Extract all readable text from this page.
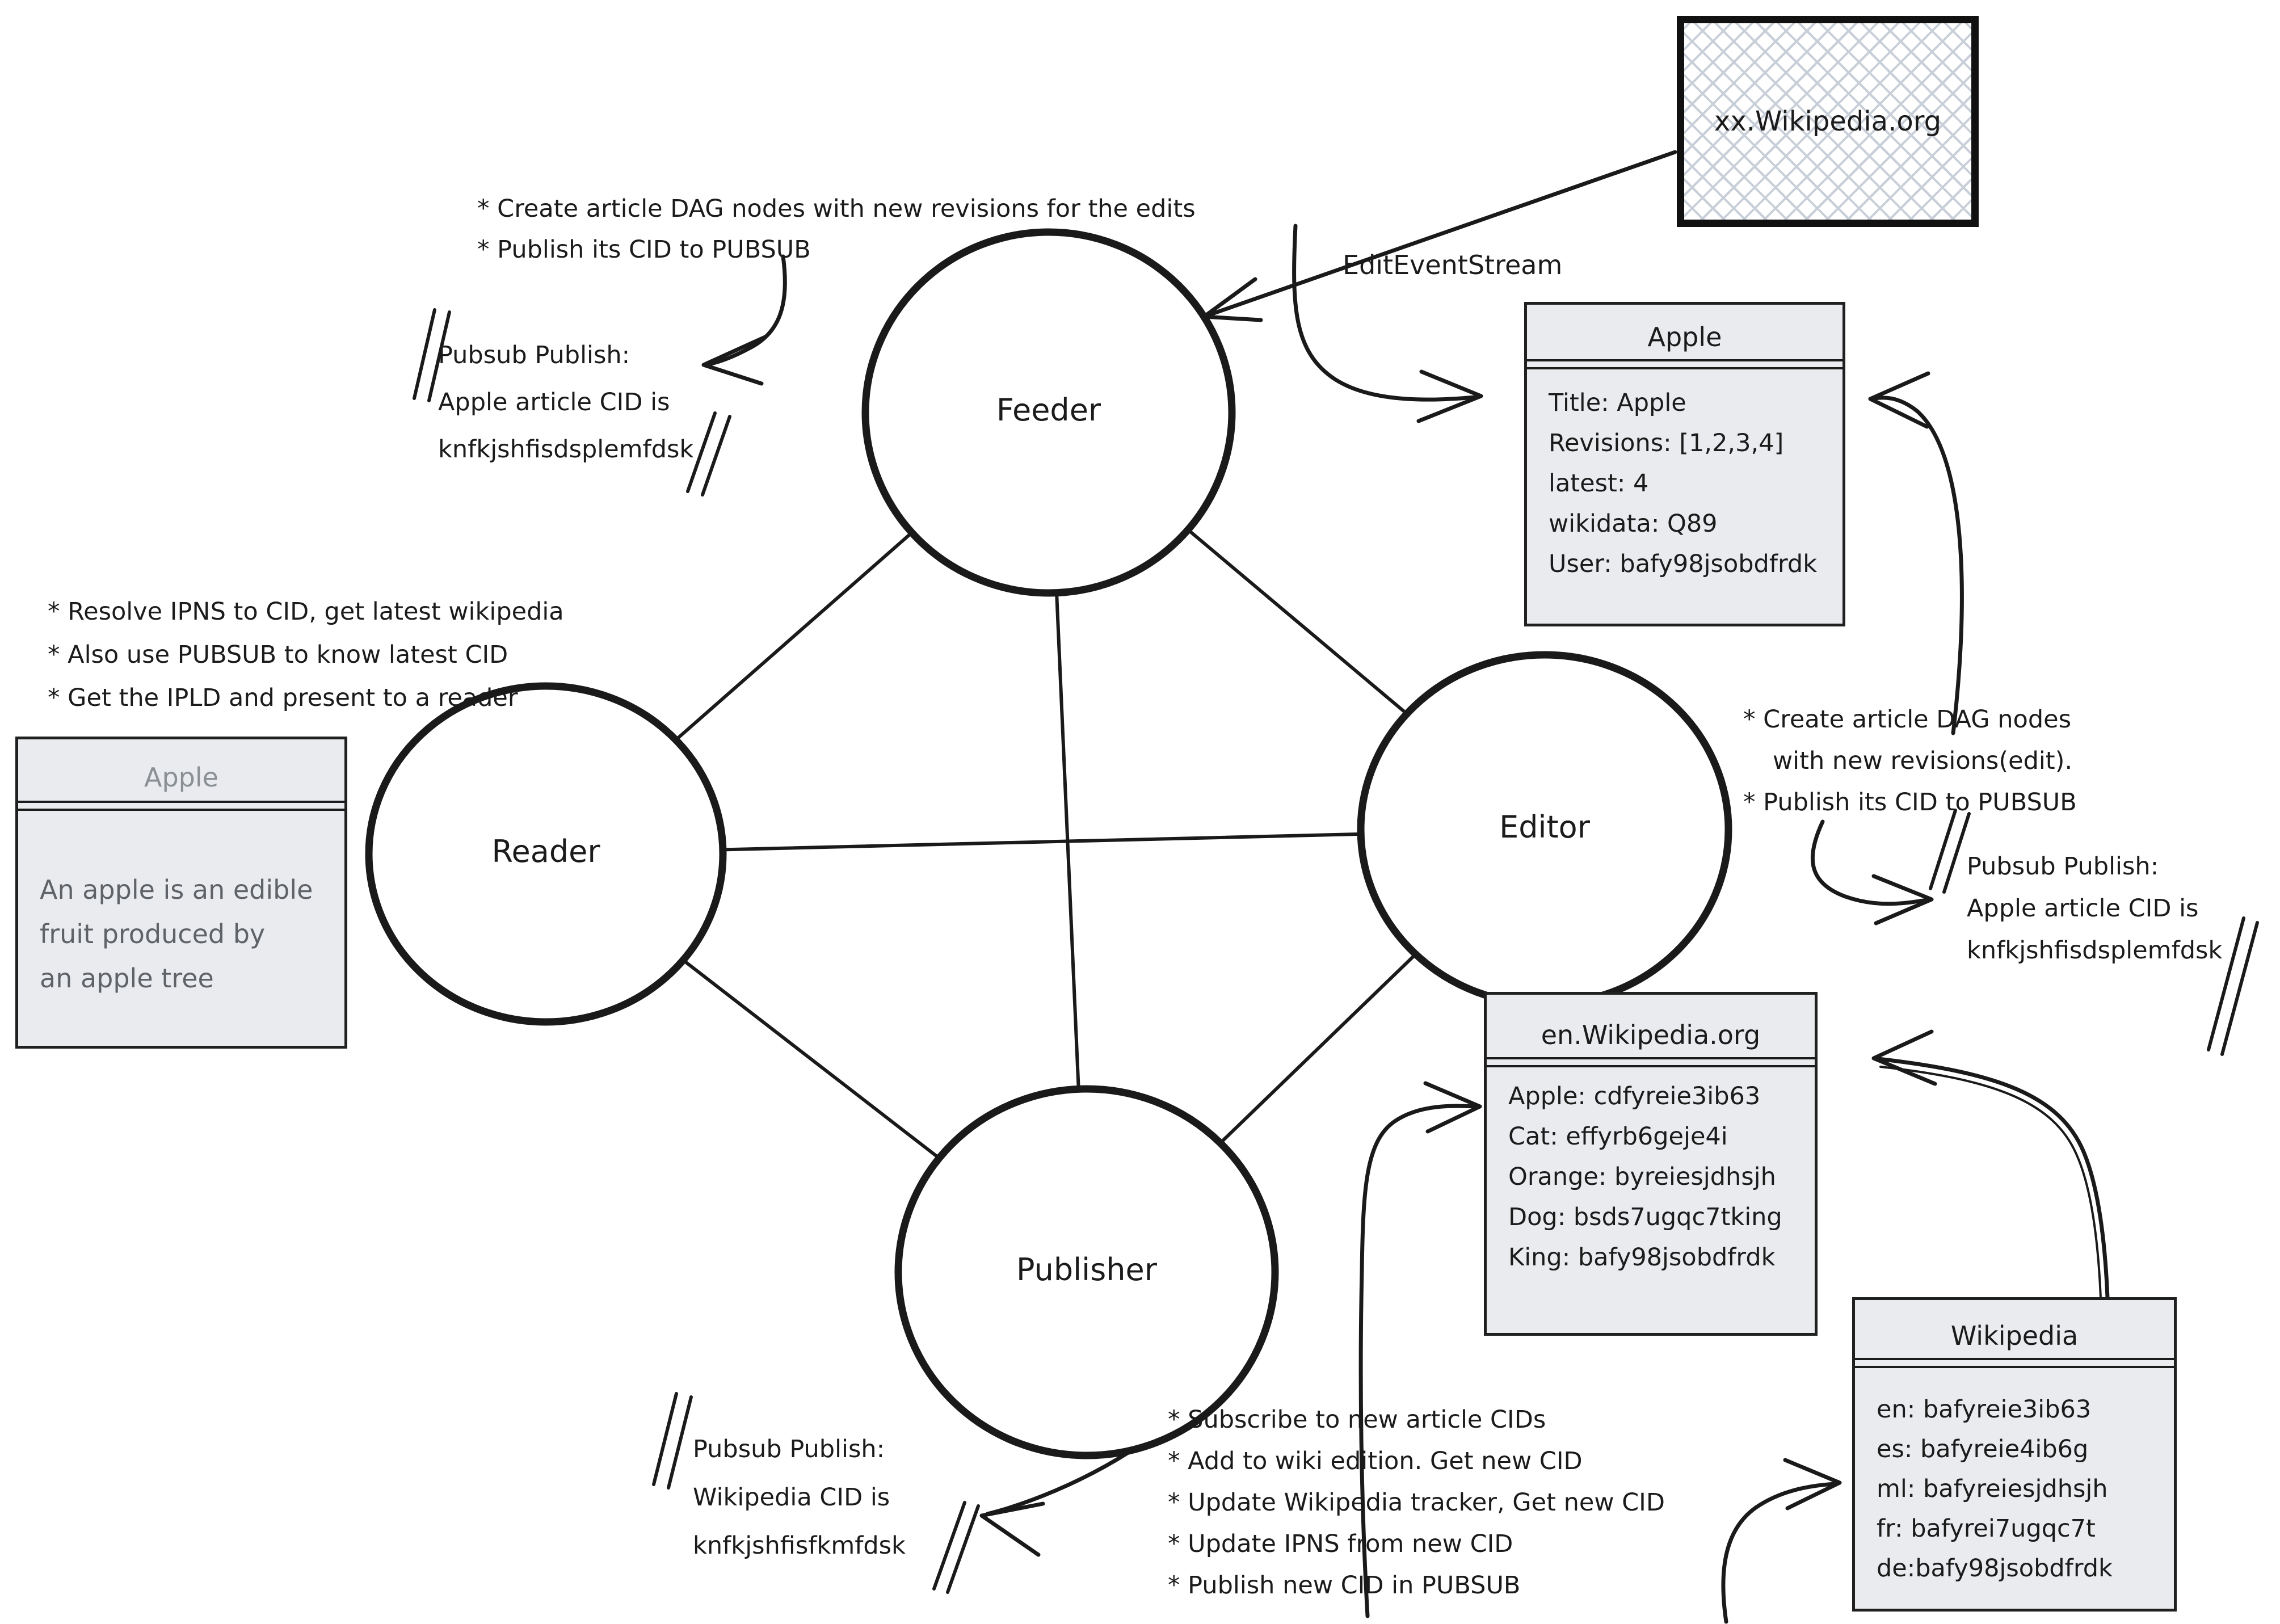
Feeder
Reader
Editor
Publisher
EditEventStream
xx.Wikipedia.org
Apple
Title: Apple
Revisions: [1,2,3,4]
latest: 4
wikidata: Q89
User: bafy98jsobdfrdk
Apple
An apple is an edible
fruit produced by
an apple tree
en.Wikipedia.org
Apple: cdfyreie3ib63
Cat: effyrb6geje4i
Orange: byreiesjdhsjh
Dog: bsds7ugqc7tking
King: bafy98jsobdfrdk
Wikipedia
en: bafyreie3ib63
es: bafyreie4ib6g
ml: bafyreiesjdhsjh
fr: bafyrei7ugqc7t
de:bafy98jsobdfrdk
* Create article DAG nodes with new revisions for the edits
* Publish its CID to PUBSUB
* Resolve IPNS to CID, get latest wikipedia
* Also use PUBSUB to know latest CID
* Get the IPLD and present to a reader
* Create article DAG nodes
with new revisions(edit).
* Publish its CID to PUBSUB
* Subscribe to new article CIDs
* Add to wiki edition. Get new CID
* Update Wikipedia tracker, Get new CID
* Update IPNS from new CID
* Publish new CID in PUBSUB
Pubsub Publish:
Apple article CID is
knfkjshfisdsplemfdsk
Pubsub Publish:
Apple article CID is
knfkjshfisdsplemfdsk
Pubsub Publish:
Wikipedia CID is
knfkjshfisfkmfdsk
